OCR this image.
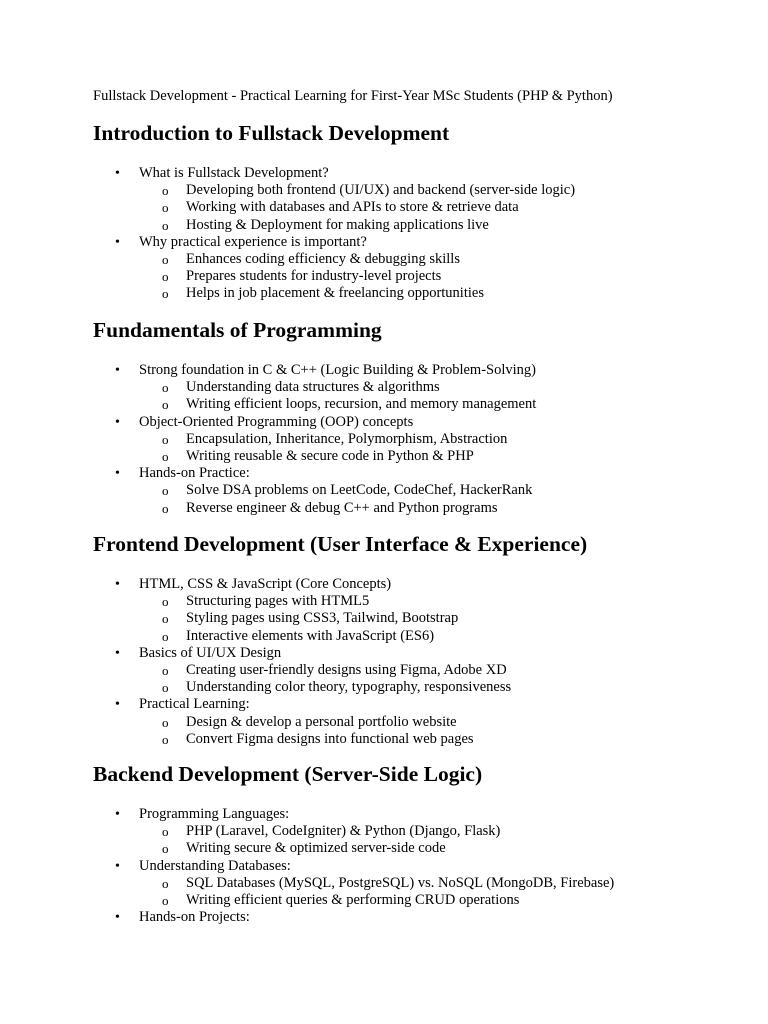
Fullstack Development - Practical Learning for First-Year MSc Students (PHP & Python)
Introduction to Fullstack Development
• What is Fullstack Development?
o Developing both frontend (UI/UX) and backend (server-side logic)
o Working with databases and APIs to store & retrieve data
o Hosting & Deployment for making applications live
• Why practical experience is important?
o Enhances coding efficiency & debugging skills
o Prepares students for industry-level projects
o Helps in job placement & freelancing opportunities
Fundamentals of Programming
• Strong foundation in C & C++ (Logic Building & Problem-Solving)
o Understanding data structures & algorithms
o Writing efficient loops, recursion, and memory management
• Object-Oriented Programming (OOP) concepts
o Encapsulation, Inheritance, Polymorphism, Abstraction
o Writing reusable & secure code in Python & PHP
• Hands-on Practice:
o Solve DSA problems on LeetCode, CodeChef, HackerRank
o Reverse engineer & debug C++ and Python programs
Frontend Development (User Interface & Experience)
• HTML, CSS & JavaScript (Core Concepts)
o Structuring pages with HTML5
o Styling pages using CSS3, Tailwind, Bootstrap
o Interactive elements with JavaScript (ES6)
• Basics of UI/UX Design
o Creating user-friendly designs using Figma, Adobe XD
o Understanding color theory, typography, responsiveness
• Practical Learning:
o Design & develop a personal portfolio website
o Convert Figma designs into functional web pages
Backend Development (Server-Side Logic)
• Programming Languages:
o PHP (Laravel, CodeIgniter) & Python (Django, Flask)
o Writing secure & optimized server-side code
• Understanding Databases:
o SQL Databases (MySQL, PostgreSQL) vs. NoSQL (MongoDB, Firebase)
o Writing efficient queries & performing CRUD operations
• Hands-on Projects:
